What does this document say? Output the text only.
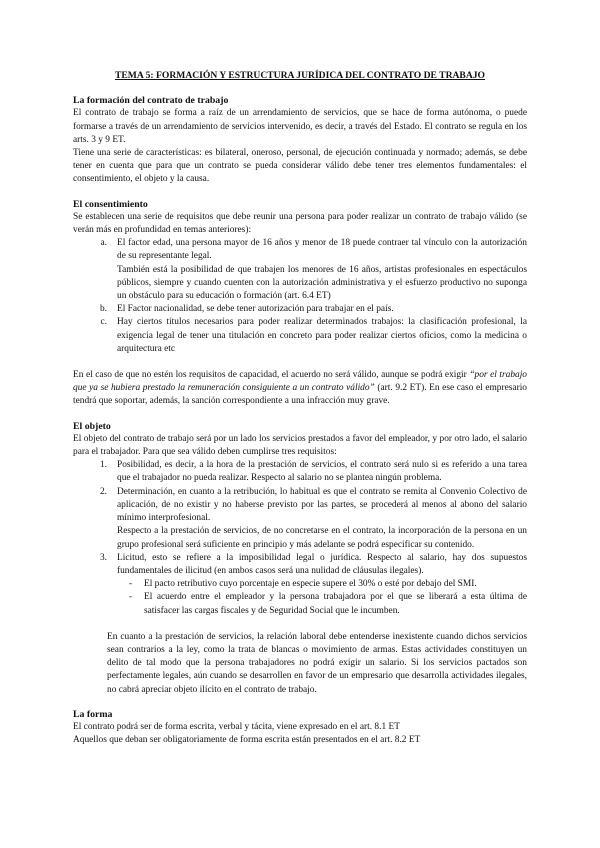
TEMA 5: FORMACIÓN Y ESTRUCTURA JURÍDICA DEL CONTRATO DE TRABAJO
La formación del contrato de trabajo

El contrato de trabajo se forma a raíz de un arrendamiento de servicios, que se hace de forma autónoma, o puede formarse a través de un arrendamiento de servicios intervenido, es decir, a través del Estado. El contrato se regula en los arts. 3 y 9 ET.

Tiene una serie de características: es bilateral, oneroso, personal, de ejecución continuada y normado; además, se debe tener en cuenta que para que un contrato se pueda considerar válido debe tener tres elementos fundamentales: el consentimiento, el objeto y la causa.

El consentimiento

Se establecen una serie de requisitos que debe reunir una persona para poder realizar un contrato de trabajo válido (se verán más en profundidad en temas anteriores):

a.	El factor edad, una persona mayor de 16 años y menor de 18 puede contraer tal vínculo con la autorización de su representante legal.
También está la posibilidad de que trabajen los menores de 16 años, artistas profesionales en espectáculos públicos, siempre y cuando cuenten con la autorización administrativa y el esfuerzo productivo no suponga un obstáculo para su educación o formación (art. 6.4 ET)
b.	El Factor nacionalidad, se debe tener autorización para trabajar en el país.
c.	Hay ciertos títulos necesarios para poder realizar determinados trabajos: la clasificación profesional, la exigencia legal de tener una titulación en concreto para poder realizar ciertos oficios, como la medicina o arquitectura etc

En el caso de que no estén los requisitos de capacidad, el acuerdo no será válido, aunque se podrá exigir “por el trabajo que ya se hubiera prestado la remuneración consiguiente a un contrato válido” (art. 9.2 ET). En ese caso el empresario tendrá que soportar, además, la sanción correspondiente a una infracción muy grave.

El objeto

El objeto del contrato de trabajo será por un lado los servicios prestados a favor del empleador, y por otro lado, el salario para el trabajador. Para que sea válido deben cumplirse tres requisitos:

1.	Posibilidad, es decir, a la hora de la prestación de servicios, el contrato será nulo si es referido a una tarea que el trabajador no pueda realizar. Respecto al salario no se plantea ningún problema.
2.	Determinación, en cuanto a la retribución, lo habitual es que el contrato se remita al Convenio Colectivo de aplicación, de no existir y no haberse previsto por las partes, se procederá al menos al abono del salario mínimo interprofesional.

Respecto a la prestación de servicios, de no concretarse en el contrato, la incorporación de la persona en un grupo profesional será suficiente en principio y más adelante se podrá especificar su contenido.

3.	Licitud, esto se refiere a la imposibilidad legal o jurídica. Respecto al salario, hay dos supuestos fundamentales de ilicitud (en ambos casos será una nulidad de cláusulas ilegales).
-	El pacto retributivo cuyo porcentaje en especie supere el 30% o esté por debajo del SMI.
-	El acuerdo entre el empleador y la persona trabajadora por el que se liberará a esta última de satisfacer las cargas fiscales y de Seguridad Social que le incumben.

En cuanto a la prestación de servicios, la relación laboral debe entenderse inexistente cuando dichos servicios sean contrarios a la ley, como la trata de blancas o movimiento de armas. Estas actividades constituyen un delito de tal modo que la persona trabajadores no podrá exigir un salario. Si los servicios pactados son perfectamente legales, aún cuando se desarrollen en favor de un empresario que desarrolla actividades ilegales, no cabrá apreciar objeto ilícito en el contrato de trabajo.

La forma

El contrato podrá ser de forma escrita, verbal y tácita, viene expresado en el art. 8.1 ET

Aquellos que deban ser obligatoriamente de forma escrita están presentados en el art. 8.2 ET
